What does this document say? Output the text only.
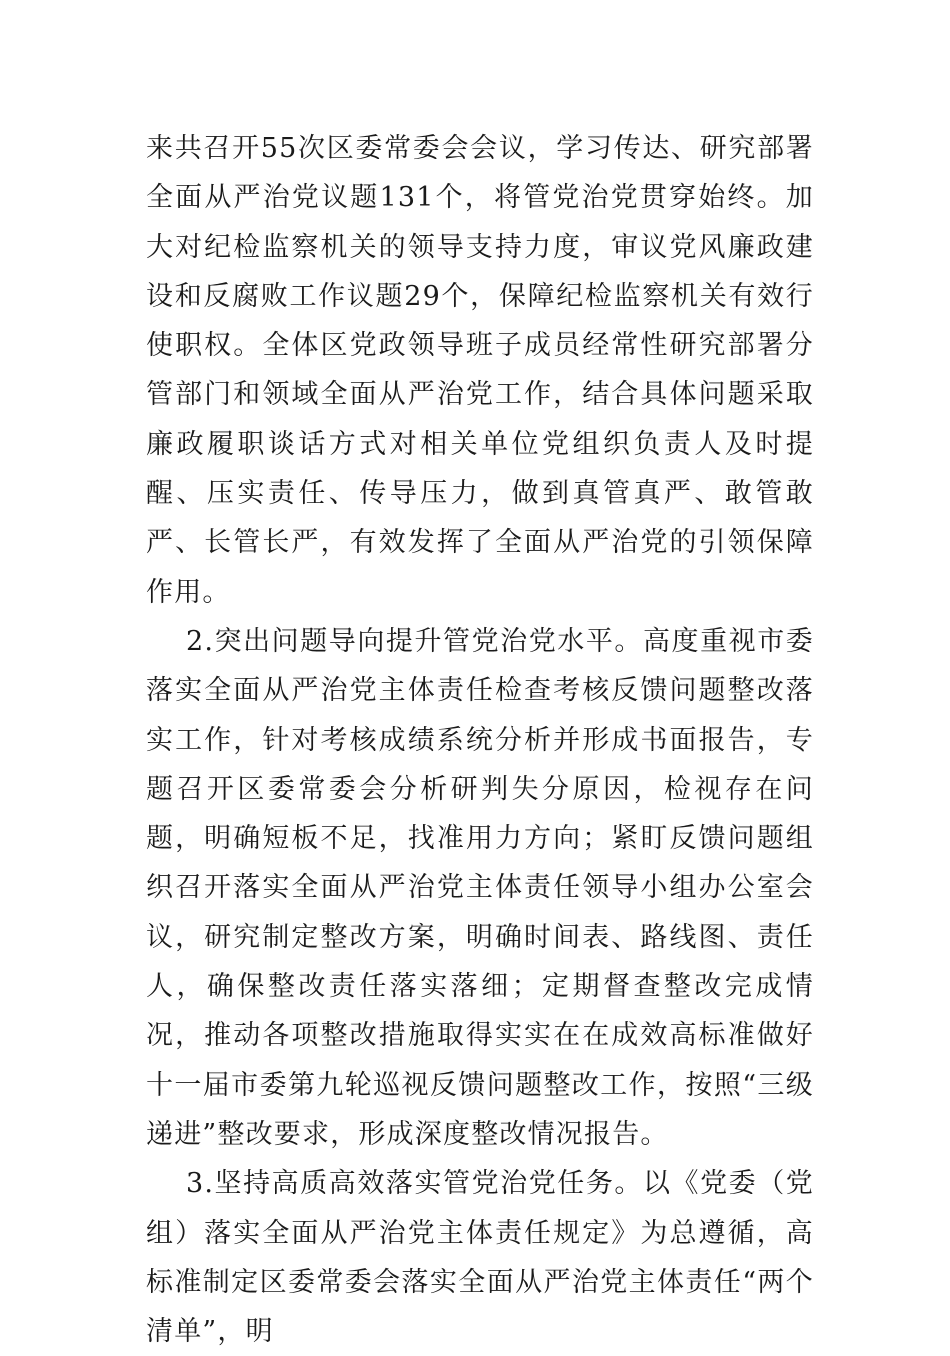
来共召开55次区委常委会会议，学习传达、研究部署全面从严治党议题131个，将管党治党贯穿始终。加大对纪检监察机关的领导支持力度，审议党风廉政建设和反腐败工作议题29个，保障纪检监察机关有效行使职权。全体区党政领导班子成员经常性研究部署分管部门和领域全面从严治党工作，结合具体问题采取廉政履职谈话方式对相关单位党组织负责人及时提醒、压实责任、传导压力，做到真管真严、敢管敢严、长管长严，有效发挥了全面从严治党的引领保障作用。

2.突出问题导向提升管党治党水平。高度重视市委落实全面从严治党主体责任检查考核反馈问题整改落实工作，针对考核成绩系统分析并形成书面报告，专题召开区委常委会分析研判失分原因，检视存在问题，明确短板不足，找准用力方向；紧盯反馈问题组织召开落实全面从严治党主体责任领导小组办公室会议，研究制定整改方案，明确时间表、路线图、责任人，确保整改责任落实落细；定期督查整改完成情况，推动各项整改措施取得实实在在成效高标准做好十一届市委第九轮巡视反馈问题整改工作，按照“三级递进”整改要求，形成深度整改情况报告。

3.坚持高质高效落实管党治党任务。以《党委（党组）落实全面从严治党主体责任规定》为总遵循，高标准制定区委常委会落实全面从严治党主体责任“两个清单”，明
